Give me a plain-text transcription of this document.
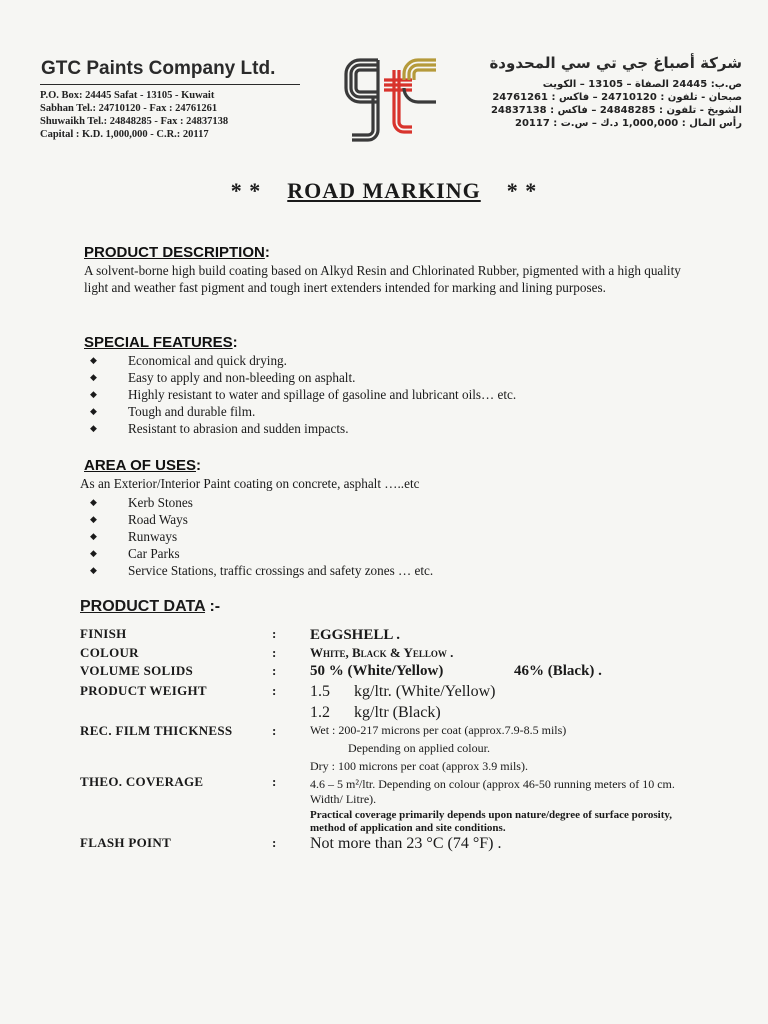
GTC Paints Company Ltd.
P.O. Box: 24445 Safat - 13105 - Kuwait
Sabhan Tel.: 24710120 - Fax : 24761261
Shuwaikh Tel.: 24848285 - Fax : 24837138
Capital : K.D. 1,000,000 - C.R.: 20117
شركة أصباغ جي تي سي المحدودة
ص.ب: 24445 الصفاة – 13105 – الكويت
صبحان - تلفون : 24710120 – فاكس : 24761261
الشويخ - تلفون : 24848285 – فاكس : 24837138
رأس المال : 1,000,000 د.ك – س.ت : 20117
* * ROAD MARKING * *
PRODUCT DESCRIPTION:

A solvent-borne high build coating based on Alkyd Resin and Chlorinated Rubber, pigmented with a high quality light and weather fast pigment and tough inert extenders intended for marking and lining purposes.

SPECIAL FEATURES:
◆	Economical and quick drying.
◆	Easy to apply and non-bleeding on asphalt.
◆	Highly resistant to water and spillage of gasoline and lubricant oils… etc.
◆	Tough and durable film.
◆	Resistant to abrasion and sudden impacts.
AREA OF USES:

As an Exterior/Interior Paint coating on concrete, asphalt …..etc

◆	Kerb Stones
◆	Road Ways
◆	Runways
◆	Car Parks
◆	Service Stations, traffic crossings and safety zones … etc.
PRODUCT DATA :-
FINISH	: EGGSHELL .
COLOUR	:	White, Black & Yellow .
VOLUME SOLIDS	: 50 % (White/Yellow)	46% (Black) .
PRODUCT WEIGHT	: 1.5      kg/ltr. (White/Yellow)
1.2      kg/ltr (Black)
REC. FILM THICKNESS	:	Wet : 200-217 microns per coat (approx.7.9-8.5 mils)
Depending on applied colour.
Dry : 100 microns per coat (approx 3.9 mils).
THEO. COVERAGE	:	4.6 – 5 m²/ltr. Depending on colour (approx 46-50 running meters of 10 cm. Width/ Litre).
Practical coverage primarily depends upon nature/degree of surface porosity, method of application and site conditions.
FLASH POINT	: Not more than 23 °C (74 °F) .
